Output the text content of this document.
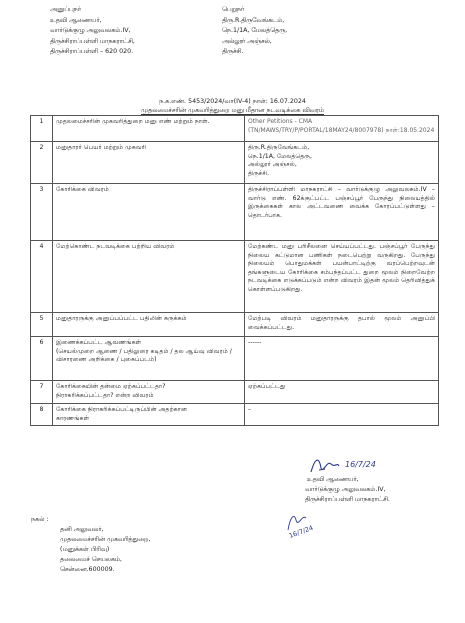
அனுப்புநர்
உதவி ஆணையர்,
வார்டுக்குழு அலுவலகம்.IV,
திருச்சிராப்பள்ளி மாநகராட்சி,
திருச்சிராப்பள்ளி – 620 020.
பெறுநர்
திரு.R.திருவேங்கடம்,
நெ.1/1A, மேலத்தெரு,
அல்லூர் அஞ்சல்,
திருச்சி.
ந.க.எண். 5453/2024/வா(IV-4) நாள்: 16.07.2024
முதலமைச்சரின் முகவரித்துறை மனு மீதான நடவடிக்கை விவரம்
1	முதலமைச்சரின் முகவரித்துறை மனு எண் மற்றும் நாள்.	Other Petitions - CMA (TN/MAWS/TRY/P/PORTAL/18MAY24/8007978) நாள்:18.05.2024
2	மனுதாரர் பெயர் மற்றும் முகவரி	திரு.R.திருவேங்கடம்,
நெ.1/1A, மேலத்தெரு,
அல்லூர் அஞ்சல்,
திருச்சி.

3	கோரிக்கை விவரம்	திருச்சிராப்பள்ளி மாநகராட்சி – வார்டுக்குழு அலுவலகம்.IV – வார்டு எண். 62க்குட்பட்ட பஞ்சப்பூர் பேருந்து நிலையத்தில் இருக்கைகள் கால அட்டவணை வைக்க கோரப்பட்டுள்ளது – தொடர்பாக.
4	மேற்கொண்ட நடவடிக்கை பற்றிய விவரம்	மேற்கண்ட மனு பரிசீலனை செய்யப்பட்டது. பஞ்சப்பூர் பேருந்து நிலைய கட்டுமான பணிகள் நடைபெற்று வருகிறது. பேருந்து நிலையம் பொதுமக்கள் பயன்பாட்டிற்கு வரப்பெற்றவுடன் தங்களுடைய கோரிக்கை சம்பந்தப்பட்ட துறை மூலம் நிறைவேற்ற நடவடிக்கை எடுக்கப்படும் என்ற விவரம் இதன் மூலம் தெரிவித்துக் கொள்ளப்படுகிறது.
5	மனுதாரருக்கு அனுப்பப்பட்ட பதிலின் சுருக்கம்	மேற்படி விவரம் மனுதாரருக்கு தபால் மூலம் அனுப்பி வைக்கப்பட்டது.
6	இணைக்கப்பட்ட ஆவணங்கள்
(செயல்முறை ஆணை / பதிலுரை கடிதம் / தல ஆய்வு விவரம் / விசாரணை அறிக்கை / புகைப்படம்)	------
7	கோரிக்கையின் தன்மை ஏற்கப்பட்டதா?
நிராகரிக்கப்பட்டதா? என்ற விவரம்	ஏற்கப்பட்டது
8	கோரிக்கை நிராகரிக்கப்பட்டிருப்பின் அதற்கான
காரணங்கள்	–
16/7/24
உதவி ஆணையர்,
வார்டுக்குழு அலுவலகம்.IV,
திருச்சிராப்பள்ளி மாநகராட்சி.
16/7/24
நகல் :
தனி அலுவலர்,
முதலமைச்சரின் முகவரித்துறை,
(மனுக்கள் பிரிவு)
தலைமைச் செயலகம்,
சென்னை.600009.
